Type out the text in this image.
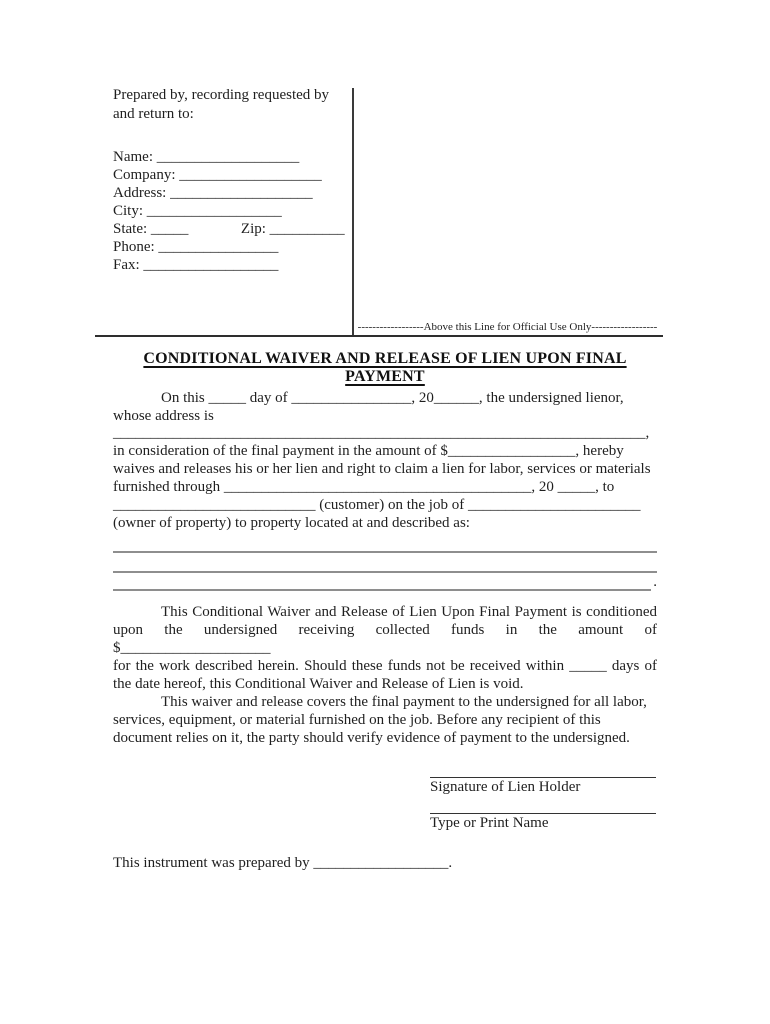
Prepared by, recording requested by
and return to:
Name: ___________________
Company: ___________________
Address: ___________________
City: __________________
State: _____              Zip: __________
Phone: ________________
Fax: __________________
------------------Above this Line for Official Use Only------------------
CONDITIONAL WAIVER AND RELEASE OF LIEN UPON FINAL PAYMENT
On this _____ day of ________________, 20______, the undersigned lienor,
whose address is
_______________________________________________________________________,
in consideration of the final payment in the amount of $_________________, hereby
waives and releases his or her lien and right to claim a lien for labor, services or materials
furnished through _________________________________________, 20 _____, to
___________________________ (customer) on the job of _______________________
(owner of property) to property located at and described as:
.
This Conditional Waiver and Release of Lien Upon Final Payment is conditioned
upon the undersigned receiving collected funds in the amount of $____________________
for the work described herein. Should these funds not be received within _____ days of
the date hereof, this Conditional Waiver and Release of Lien is void.
This waiver and release covers the final payment to the undersigned for all labor,
services, equipment, or material furnished on the job. Before any recipient of this
document relies on it, the party should verify evidence of payment to the undersigned.
Signature of Lien Holder
Type or Print Name
This instrument was prepared by __________________.
